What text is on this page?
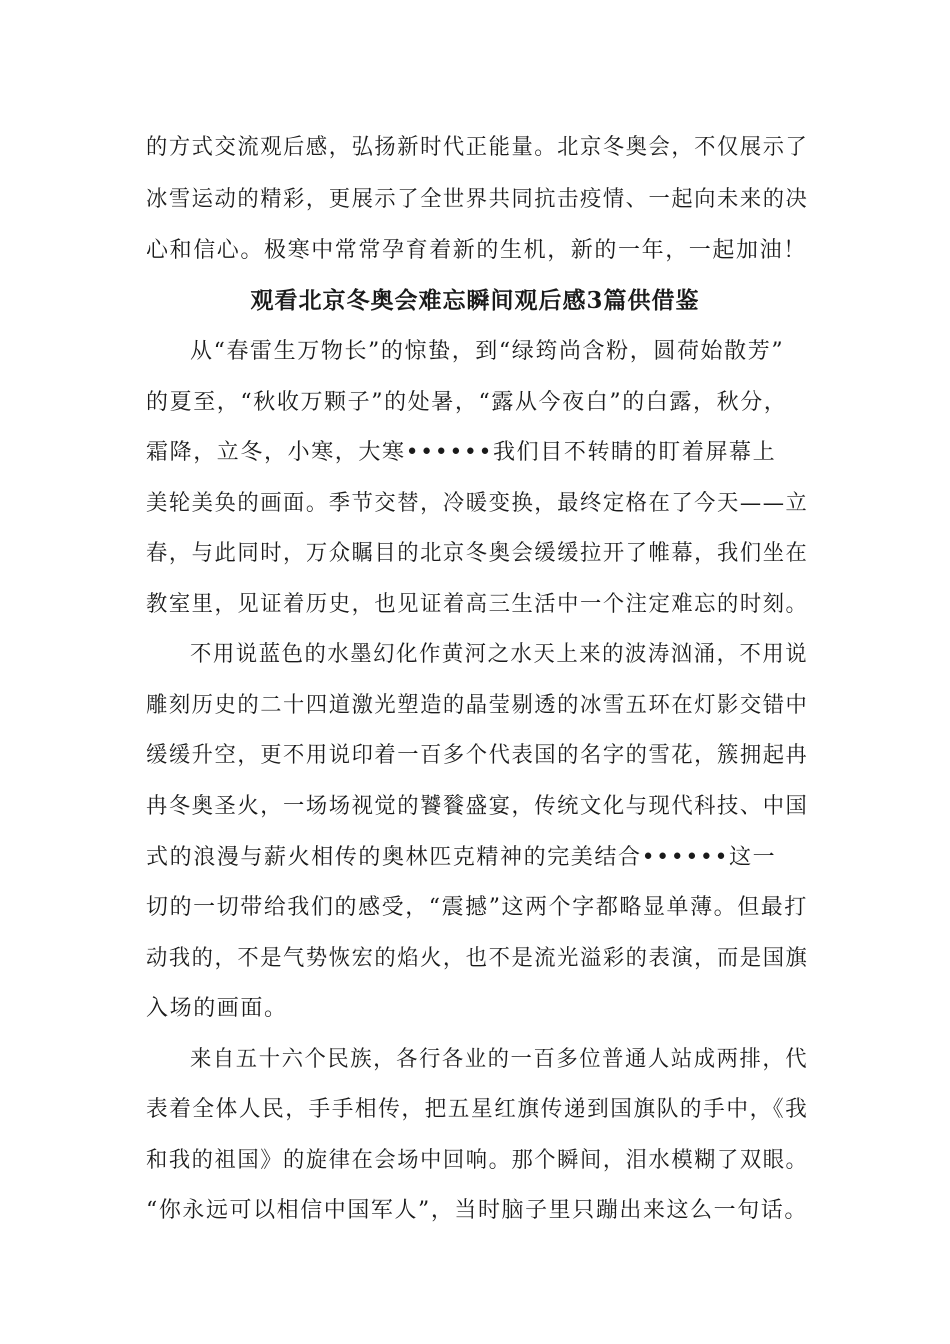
的方式交流观后感，弘扬新时代正能量。北京冬奥会，不仅展示了
冰雪运动的精彩，更展示了全世界共同抗击疫情、一起向未来的决
心和信心。极寒中常常孕育着新的生机，新的一年，一起加油！
观看北京冬奥会难忘瞬间观后感3篇供借鉴
从“春雷生万物长”的惊蛰，到“绿筠尚含粉，圆荷始散芳”
的夏至，“秋收万颗子”的处暑，“露从今夜白”的白露，秋分，
霜降，立冬，小寒，大寒••••••我们目不转睛的盯着屏幕上
美轮美奂的画面。季节交替，冷暖变换，最终定格在了今天——立
春，与此同时，万众瞩目的北京冬奥会缓缓拉开了帷幕，我们坐在
教室里，见证着历史，也见证着高三生活中一个注定难忘的时刻。
不用说蓝色的水墨幻化作黄河之水天上来的波涛汹涌，不用说
雕刻历史的二十四道激光塑造的晶莹剔透的冰雪五环在灯影交错中
缓缓升空，更不用说印着一百多个代表国的名字的雪花，簇拥起冉
冉冬奥圣火，一场场视觉的饕餮盛宴，传统文化与现代科技、中国
式的浪漫与薪火相传的奥林匹克精神的完美结合••••••这一
切的一切带给我们的感受，“震撼”这两个字都略显单薄。但最打
动我的，不是气势恢宏的焰火，也不是流光溢彩的表演，而是国旗
入场的画面。
来自五十六个民族，各行各业的一百多位普通人站成两排，代
表着全体人民，手手相传，把五星红旗传递到国旗队的手中，《我
和我的祖国》的旋律在会场中回响。那个瞬间，泪水模糊了双眼。
“你永远可以相信中国军人”，当时脑子里只蹦出来这么一句话。
